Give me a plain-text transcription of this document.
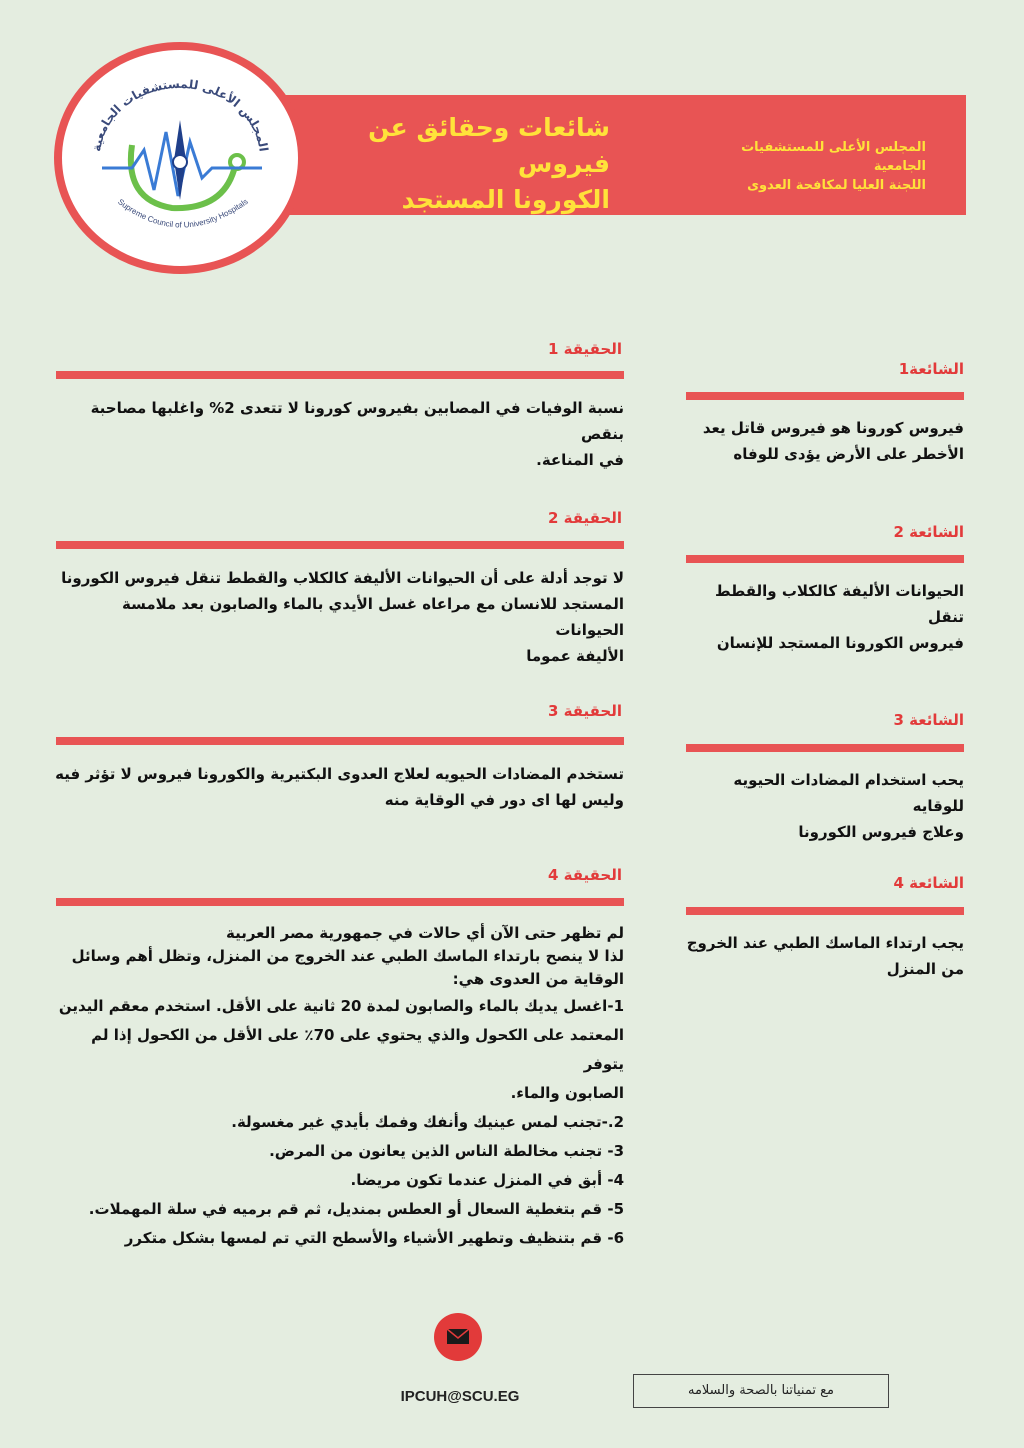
شائعات وحقائق عن فيروس
الكورونا المستجد
المجلس الأعلى للمستشفيات الجامعية
اللجنة العليا لمكافحة العدوى
المجلس الأعلى للمستشفيات الجامعية
Supreme Council of University Hospitals
الشائعة1
فيروس كورونا هو فيروس قاتل يعد
الأخطر على الأرض يؤدى للوفاه
الشائعة 2
الحيوانات الأليفة كالكلاب والقطط تنقل
فيروس الكورونا المستجد للإنسان
الشائعة 3
يحب استخدام المضادات الحيويه للوقايه
وعلاج فيروس الكورونا
الشائعة 4
يجب ارتداء الماسك الطبي عند الخروج
من المنزل
الحقيقة 1
نسبة الوفيات في المصابين بفيروس كورونا لا تتعدى 2% واغلبها مصاحبة بنقص
في المناعة.
الحقيقة 2
لا توجد أدلة على أن الحيوانات الأليفة كالكلاب والقطط تنقل فيروس الكورونا
المستجد للانسان مع مراعاه غسل الأيدي بالماء والصابون بعد ملامسة الحيوانات
الأليفة عموما
الحقيقة 3
تستخدم المضادات الحيويه لعلاج العدوى البكتيرية والكورونا فيروس لا تؤثر فيه
وليس لها اى دور في الوقاية منه
الحقيقة 4
لم تظهر حتى الآن أي حالات في جمهورية مصر العربية
لذا لا ينصح بارتداء الماسك الطبي عند الخروج من المنزل، وتظل أهم وسائل
الوقاية من العدوى هي:
1-اغسل يديك بالماء والصابون لمدة 20 ثانية على الأقل. استخدم معقم اليدين
المعتمد على الكحول والذي يحتوي على 70٪ على الأقل من الكحول إذا لم يتوفر
الصابون والماء.
2.-تجنب لمس عينيك وأنفك وفمك بأيدي غير مغسولة.
3- تجنب مخالطة الناس الذين يعانون من المرض.
4- أبق في المنزل عندما تكون مريضا.
5- قم بتغطية السعال أو العطس بمنديل، ثم قم برميه في سلة المهملات.
6- قم بتنظيف وتطهير الأشياء والأسطح التي تم لمسها بشكل متكرر
IPCUH@SCU.EG	مع تمنياتنا بالصحة والسلامه
